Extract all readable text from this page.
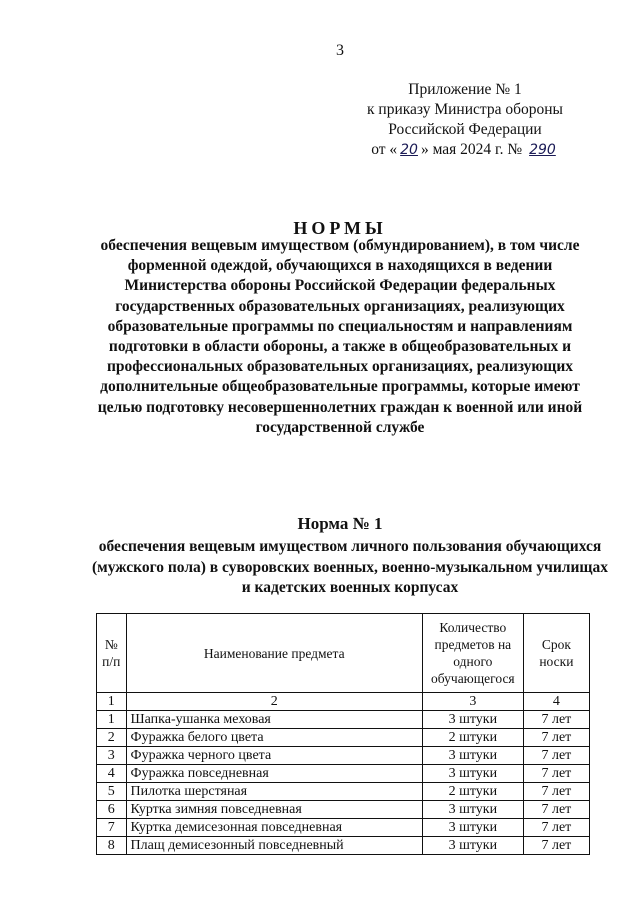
3
Приложение № 1
к приказу Министра обороны
Российской Федерации
от « 20 » мая 2024 г. № 290
НОРМЫ
обеспечения вещевым имуществом (обмундированием), в том числе форменной одеждой, обучающихся в находящихся в ведении Министерства обороны Российской Федерации федеральных государственных образовательных организациях, реализующих образовательные программы по специальностям и направлениям подготовки в области обороны, а также в общеобразовательных и профессиональных образовательных организациях, реализующих дополнительные общеобразовательные программы, которые имеют целью подготовку несовершеннолетних граждан к военной или иной государственной службе
Норма № 1
обеспечения вещевым имуществом личного пользования обучающихся (мужского пола) в суворовских военных, военно-музыкальном училищах и кадетских военных корпусах
№ п/п	Наименование предмета	Количество предметов на одного обучающегося	Срок носки
1	2	3	4
1	Шапка-ушанка меховая	3 штуки	7 лет
2	Фуражка белого цвета	2 штуки	7 лет
3	Фуражка черного цвета	3 штуки	7 лет
4	Фуражка повседневная	3 штуки	7 лет
5	Пилотка шерстяная	2 штуки	7 лет
6	Куртка зимняя повседневная	3 штуки	7 лет
7	Куртка демисезонная повседневная	3 штуки	7 лет
8	Плащ демисезонный повседневный	3 штуки	7 лет
